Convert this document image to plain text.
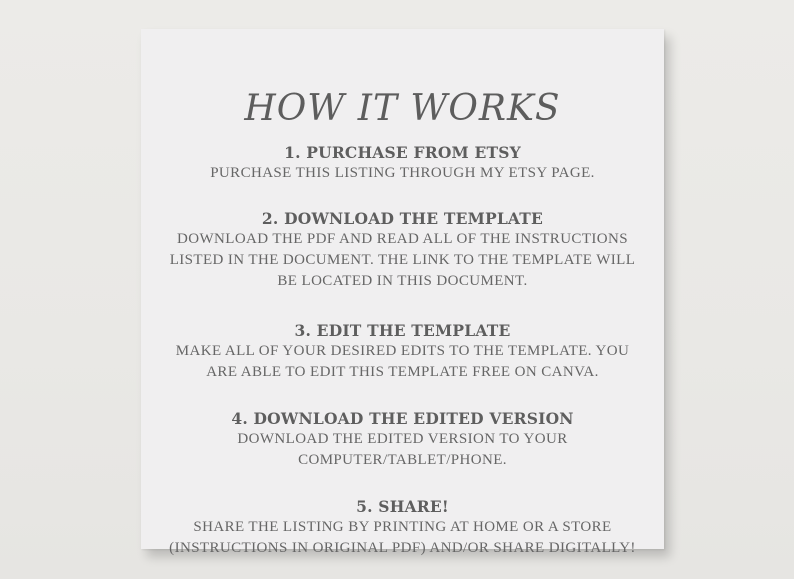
HOW IT WORKS

1. PURCHASE FROM ETSY

PURCHASE THIS LISTING THROUGH MY ETSY PAGE.

2. DOWNLOAD THE TEMPLATE

DOWNLOAD THE PDF AND READ ALL OF THE INSTRUCTIONS

LISTED IN THE DOCUMENT. THE LINK TO THE TEMPLATE WILL

BE LOCATED IN THIS DOCUMENT.

3. EDIT THE TEMPLATE

MAKE ALL OF YOUR DESIRED EDITS TO THE TEMPLATE. YOU

ARE ABLE TO EDIT THIS TEMPLATE FREE ON CANVA.

4. DOWNLOAD THE EDITED VERSION

DOWNLOAD THE EDITED VERSION TO YOUR

COMPUTER/TABLET/PHONE.

5. SHARE!

SHARE THE LISTING BY PRINTING AT HOME OR A STORE

(INSTRUCTIONS IN ORIGINAL PDF) AND/OR SHARE DIGITALLY!
